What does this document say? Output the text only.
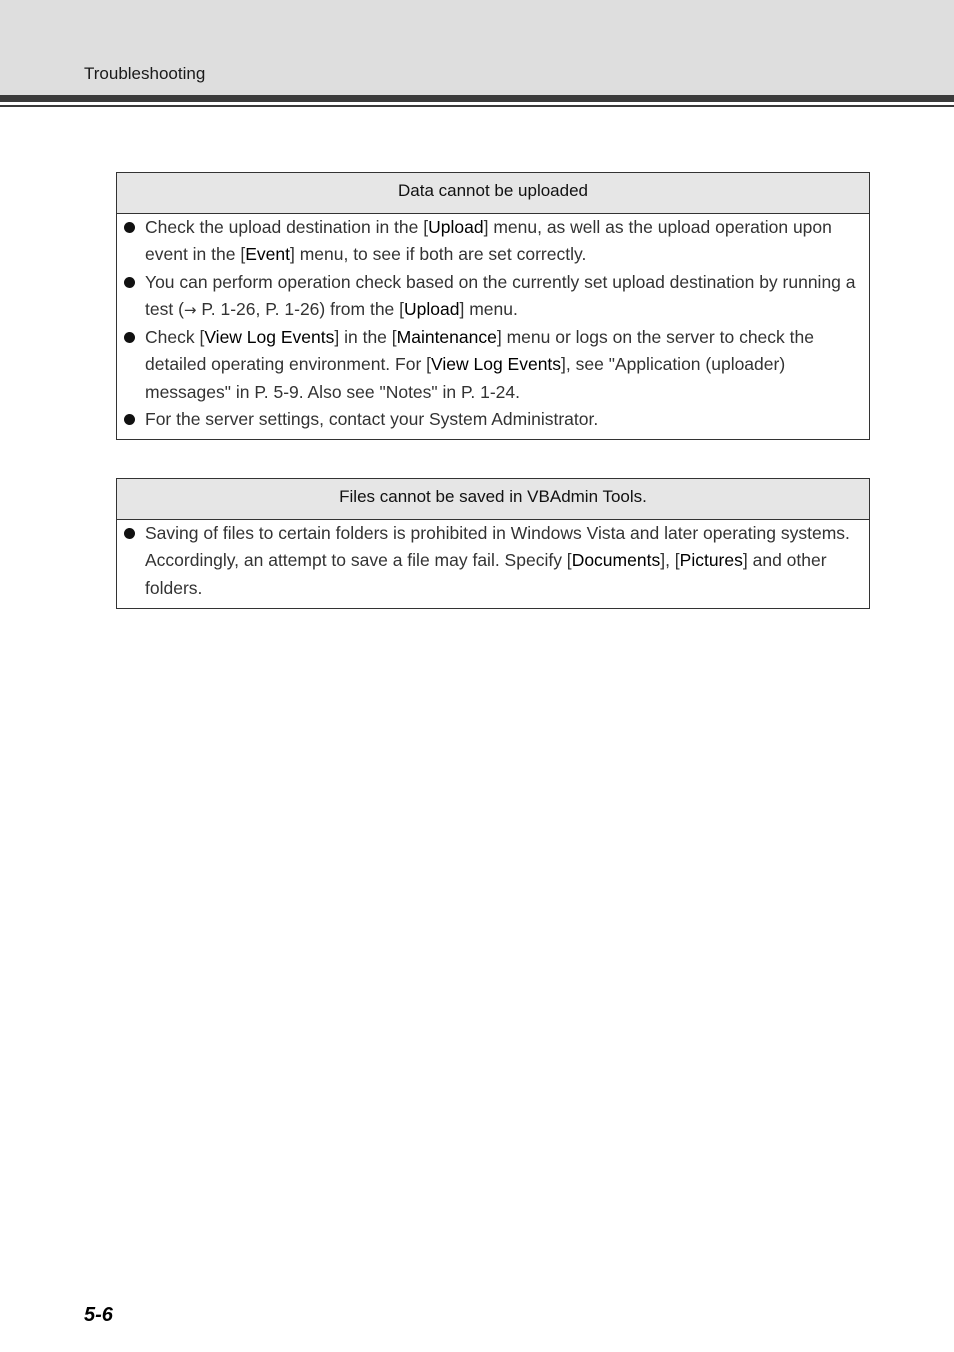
Troubleshooting
Data cannot be uploaded
Check the upload destination in the [Upload] menu, as well as the upload operation upon event in the [Event] menu, to see if both are set correctly.
You can perform operation check based on the currently set upload destination by running a test (→ P. 1-26, P. 1-26) from the [Upload] menu.
Check [View Log Events] in the [Maintenance] menu or logs on the server to check the detailed operating environment. For [View Log Events], see "Application (uploader) messages" in P. 5-9. Also see "Notes" in P. 1-24.
For the server settings, contact your System Administrator.
Files cannot be saved in VBAdmin Tools.
Saving of files to certain folders is prohibited in Windows Vista and later operating systems. Accordingly, an attempt to save a file may fail. Specify [Documents], [Pictures] and other folders.
5-6
